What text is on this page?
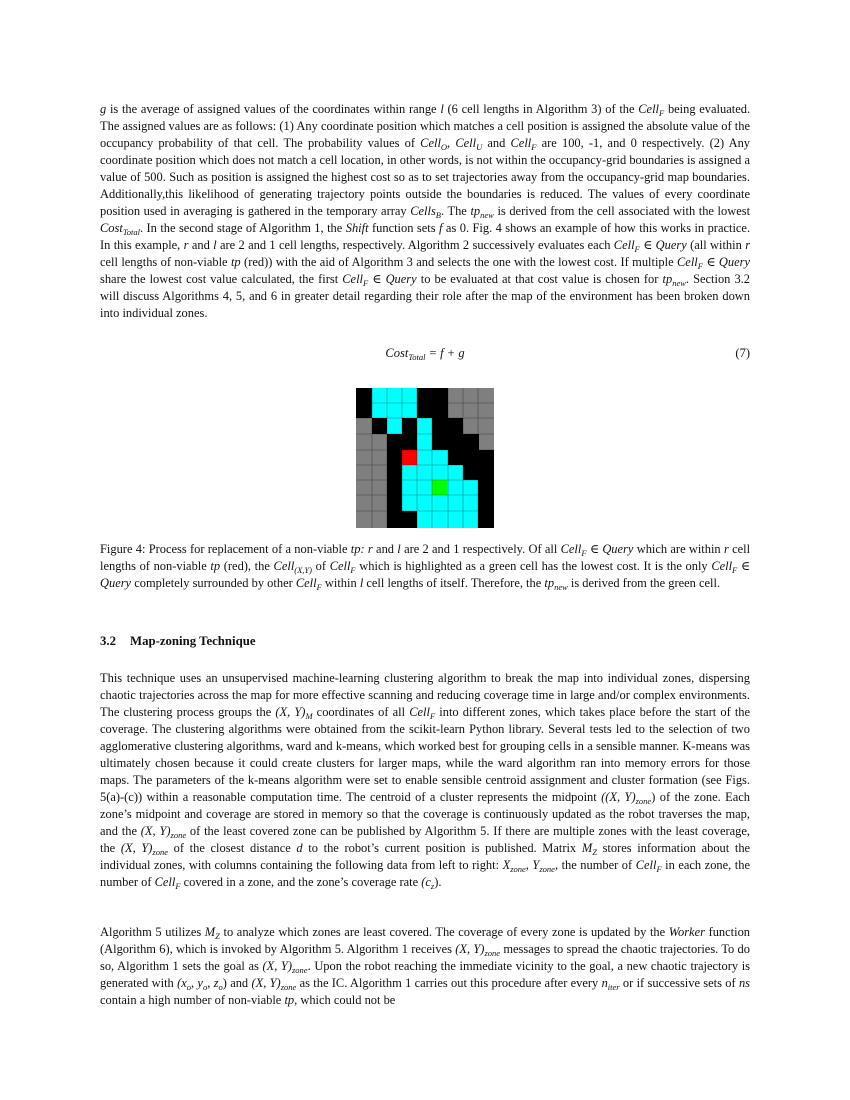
g is the average of assigned values of the coordinates within range l (6 cell lengths in Algorithm 3) of the Cell$_F$ being evaluated. The assigned values are as follows: (1) Any coordinate position which matches a cell position is assigned the absolute value of the occupancy probability of that cell. The probability values of Cell$_O$, Cell$_U$ and Cell$_F$ are 100, -1, and 0 respectively. (2) Any coordinate position which does not match a cell location, in other words, is not within the occupancy-grid boundaries is assigned a value of 500. Such as position is assigned the highest cost so as to set trajectories away from the occupancy-grid map boundaries. Additionally,this likelihood of generating trajectory points outside the boundaries is reduced. The values of every coordinate position used in averaging is gathered in the temporary array Cells$_B$. The $tp_{new}$ is derived from the cell associated with the lowest Cost$_{Total}$. In the second stage of Algorithm 1, the Shift function sets f as 0. Fig. 4 shows an example of how this works in practice. In this example, r and l are 2 and 1 cell lengths, respectively. Algorithm 2 successively evaluates each Cell$_F$ ∈ Query (all within r cell lengths of non-viable tp (red)) with the aid of Algorithm 3 and selects the one with the lowest cost. If multiple Cell$_F$ ∈ Query share the lowest cost value calculated, the first Cell$_F$ ∈ Query to be evaluated at that cost value is chosen for $tp_{new}$. Section 3.2 will discuss Algorithms 4, 5, and 6 in greater detail regarding their role after the map of the environment has been broken down into individual zones.

Cost$_{Total}$ = f + g	(7)

Figure 4: Process for replacement of a non-viable tp: r and l are 2 and 1 respectively. Of all Cell$_F$ ∈ Query which are within r cell lengths of non-viable tp (red), the Cell$_{(X,Y)}$ of Cell$_F$ which is highlighted as a green cell has the lowest cost. It is the only Cell$_F$ ∈ Query completely surrounded by other Cell$_F$ within l cell lengths of itself. Therefore, the $tp_{new}$ is derived from the green cell.

3.2 Map-zoning Technique

This technique uses an unsupervised machine-learning clustering algorithm to break the map into individual zones, dispersing chaotic trajectories across the map for more effective scanning and reducing coverage time in large and/or complex environments. The clustering process groups the (X, $Y)_M$ coordinates of all Cell$_F$ into different zones, which takes place before the start of the coverage. The clustering algorithms were obtained from the scikit-learn Python library. Several tests led to the selection of two agglomerative clustering algorithms, ward and k-means, which worked best for grouping cells in a sensible manner. K-means was ultimately chosen because it could create clusters for larger maps, while the ward algorithm ran into memory errors for those maps. The parameters of the k-means algorithm were set to enable sensible centroid assignment and cluster formation (see Figs. 5(a)-(c)) within a reasonable computation time. The centroid of a cluster represents the midpoint ((X, $Y)_{zone}$) of the zone. Each zone’s midpoint and coverage are stored in memory so that the coverage is continuously updated as the robot traverses the map, and the (X, $Y)_{zone}$ of the least covered zone can be published by Algorithm 5. If there are multiple zones with the least coverage, the (X, $Y)_{zone}$ of the closest distance d to the robot’s current position is published. Matrix $M_Z$ stores information about the individual zones, with columns containing the following data from left to right: $X_{zone}$, $Y_{zone}$, the number of Cell$_F$ in each zone, the number of Cell$_F$ covered in a zone, and the zone’s coverage rate $(c_z)$.

Algorithm 5 utilizes $M_Z$ to analyze which zones are least covered. The coverage of every zone is updated by the Worker function (Algorithm 6), which is invoked by Algorithm 5. Algorithm 1 receives (X, $Y)_{zone}$ messages to spread the chaotic trajectories. To do so, Algorithm 1 sets the goal as (X, $Y)_{zone}$. Upon the robot reaching the immediate vicinity to the goal, a new chaotic trajectory is generated with ($x_o$, $y_o$, $z_o$) and (X, $Y)_{zone}$ as the IC. Algorithm 1 carries out this procedure after every $n_{iter}$ or if successive sets of ns contain a high number of non-viable tp, which could not be
